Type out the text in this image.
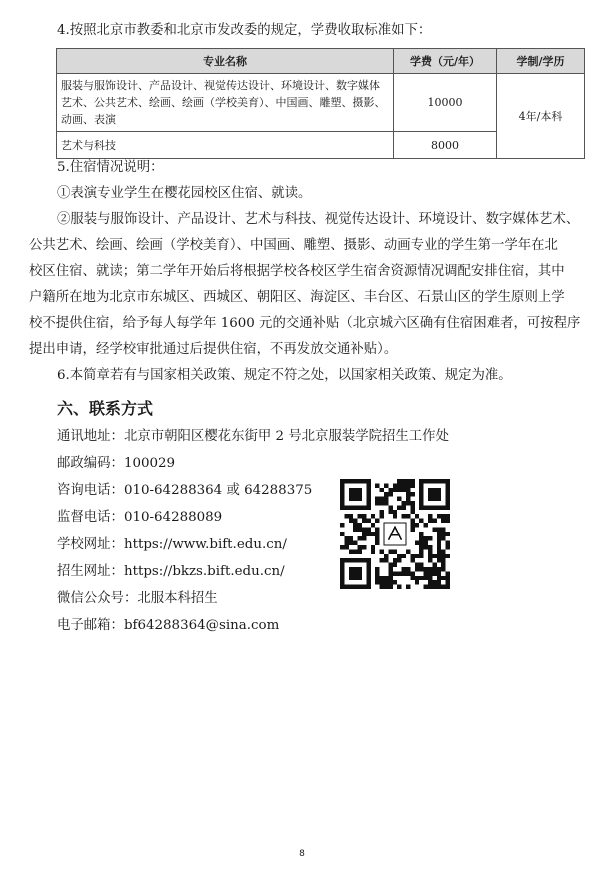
4.按照北京市教委和北京市发改委的规定，学费收取标准如下：
专业名称	学费（元/年）	学制/学历
服装与服饰设计、产品设计、视觉传达设计、环境设计、数字媒体艺术、公共艺术、绘画、绘画（学校美育）、中国画、雕塑、摄影、动画、表演	10000	4年/本科
艺术与科技	8000	
5.住宿情况说明：
①表演专业学生在樱花园校区住宿、就读。
②服装与服饰设计、产品设计、艺术与科技、视觉传达设计、环境设计、数字媒体艺术、
公共艺术、绘画、绘画（学校美育）、中国画、雕塑、摄影、动画专业的学生第一学年在北
校区住宿、就读；第二学年开始后将根据学校各校区学生宿舍资源情况调配安排住宿，其中
户籍所在地为北京市东城区、西城区、朝阳区、海淀区、丰台区、石景山区的学生原则上学
校不提供住宿，给予每人每学年 1600 元的交通补贴（北京城六区确有住宿困难者，可按程序
提出申请，经学校审批通过后提供住宿，不再发放交通补贴）。
6.本简章若有与国家相关政策、规定不符之处，以国家相关政策、规定为准。
六、联系方式
通讯地址：北京市朝阳区樱花东街甲 2 号北京服装学院招生工作处
邮政编码：100029
咨询电话：010-64288364 或 64288375
监督电话：010-64288089
学校网址：https://www.bift.edu.cn/
招生网址：https://bkzs.bift.edu.cn/
微信公众号：北服本科招生
电子邮箱：bf64288364@sina.com
8
